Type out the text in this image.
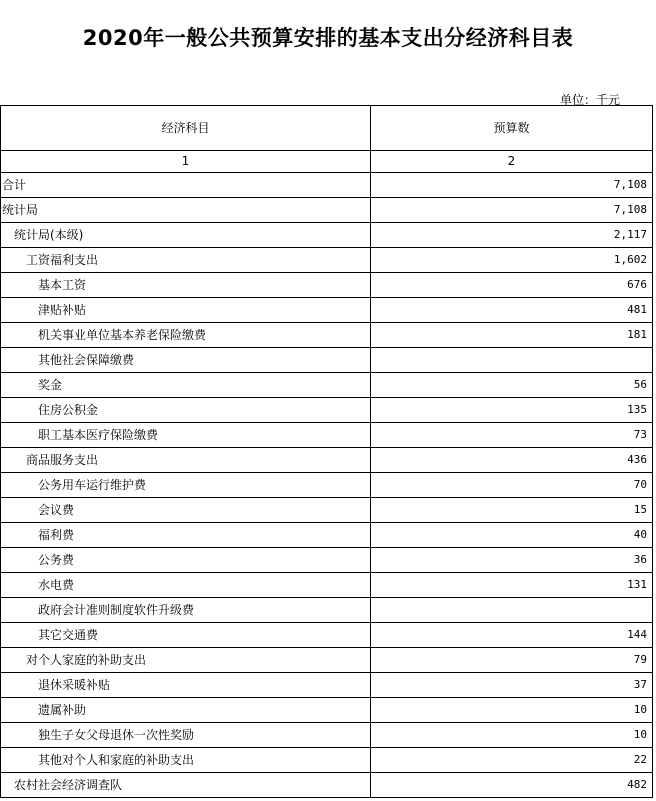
2020年一般公共预算安排的基本支出分经济科目表
单位：千元
经济科目	预算数
1	2
合计	7,108
统计局	7,108
统计局(本级)	2,117
工资福利支出	1,602
基本工资	676
津贴补贴	481
机关事业单位基本养老保险缴费	181
其他社会保障缴费	
奖金	56
住房公积金	135
职工基本医疗保险缴费	73
商品服务支出	436
公务用车运行维护费	70
会议费	15
福利费	40
公务费	36
水电费	131
政府会计准则制度软件升级费	
其它交通费	144
对个人家庭的补助支出	79
退休采暖补贴	37
遗属补助	10
独生子女父母退休一次性奖励	10
其他对个人和家庭的补助支出	22
农村社会经济调查队	482
